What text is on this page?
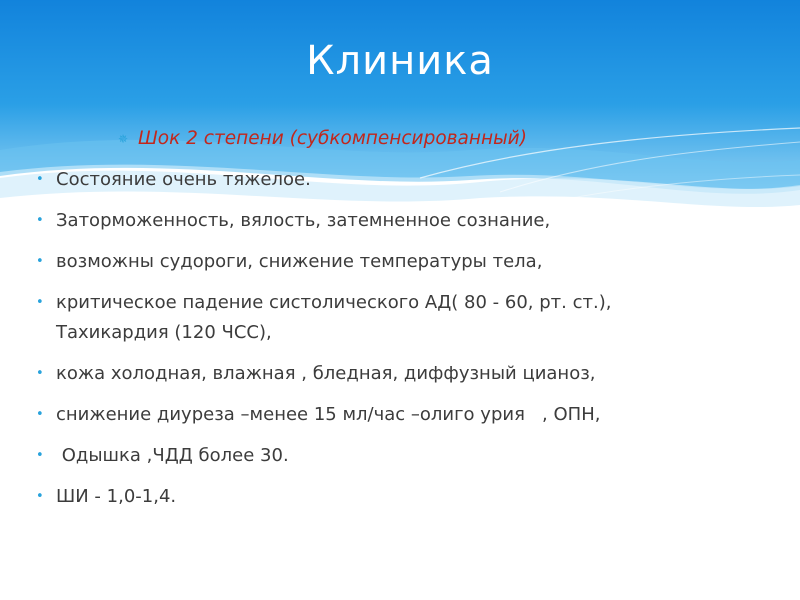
Клиника
✵ Шок 2 степени (субкомпенсированный)
• Состояние очень тяжелое.
• Заторможенность, вялость, затемненное сознание,
• возможны судороги, снижение температуры тела,
• критическое падение систолического АД( 80 - 60, рт. ст.),
Тахикардия (120 ЧСС),
• кожа холодная, влажная , бледная, диффузный цианоз,
• снижение диуреза –менее 15 мл/час –олиго урия   , ОПН,
• Одышка ,ЧДД более 30.
• ШИ - 1,0-1,4.
